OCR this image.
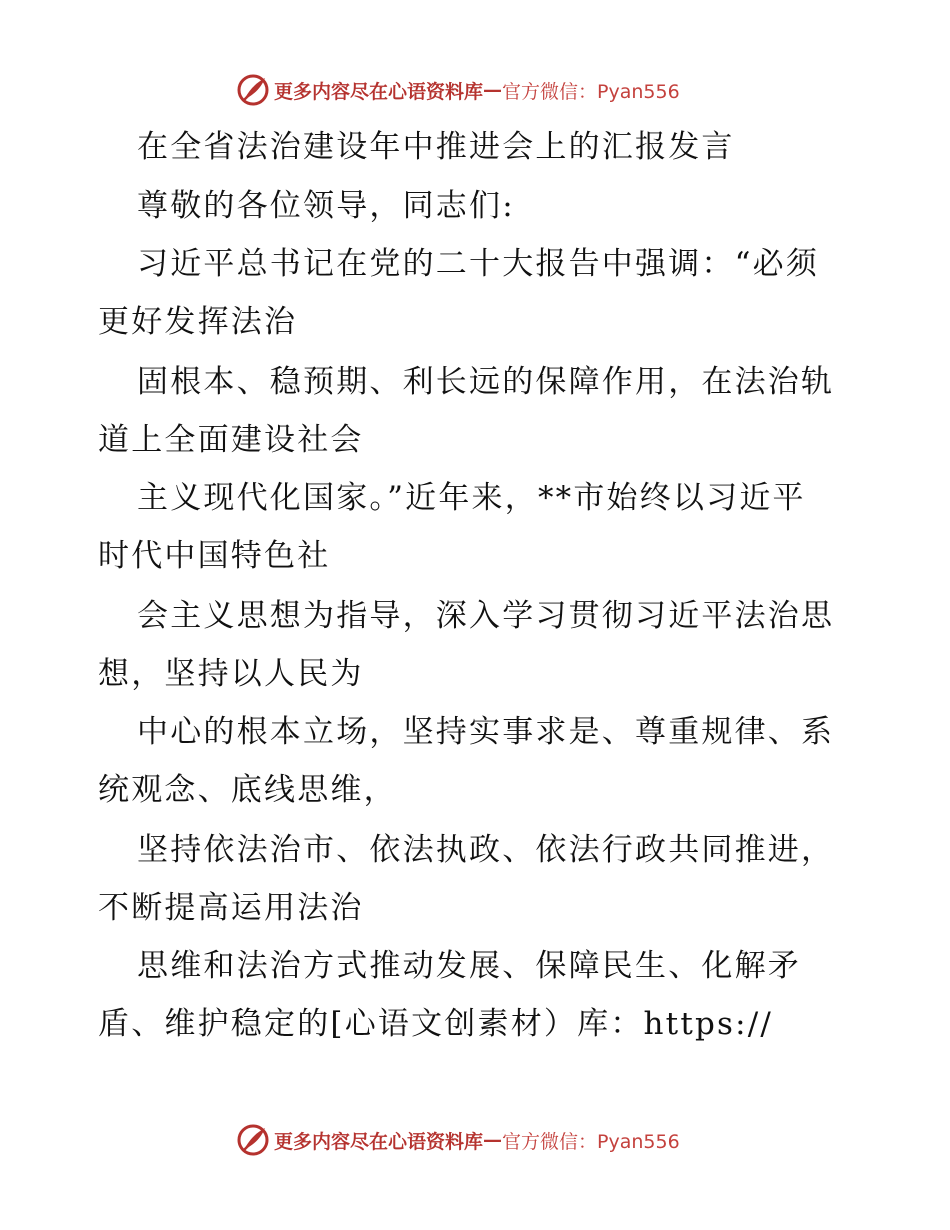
更多内容尽在心语资料库 — 官方微信：Pyan556
在全省法治建设年中推进会上的汇报发言
尊敬的各位领导，同志们:
习近平总书记在党的二十大报告中强调：“必须
更好发挥法治
固根本、稳预期、利长远的保障作用，在法治轨
道上全面建设社会
主义现代化国家。”近年来，**市始终以习近平
时代中国特色社
会主义思想为指导，深入学习贯彻习近平法治思
想，坚持以人民为
中心的根本立场，坚持实事求是、尊重规律、系
统观念、底线思维，
坚持依法治市、依法执政、依法行政共同推进，
不断提高运用法治
思维和法治方式推动发展、保障民生、化解矛
盾、维护稳定的[心语文创素材）库：https://
更多内容尽在心语资料库 — 官方微信：Pyan556
